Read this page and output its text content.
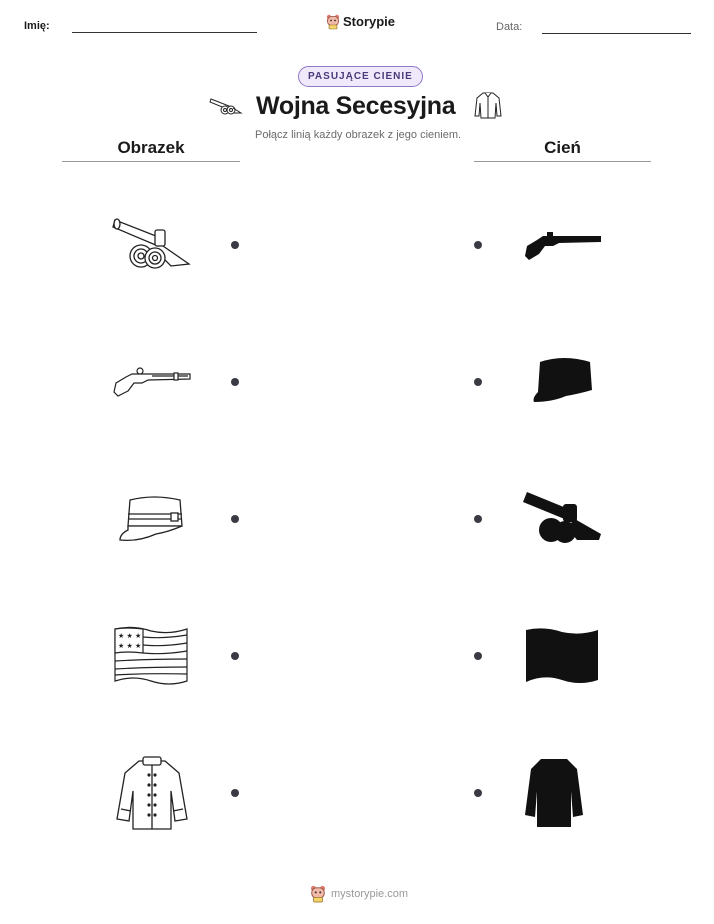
Imię:	Storypie	Data:
PASUJĄCE CIENIE
Wojna Secesyjna
Połącz linią każdy obrazek z jego cieniem.
Obrazek	Cień
★ ★ ★
★ ★ ★
mystorypie.com
